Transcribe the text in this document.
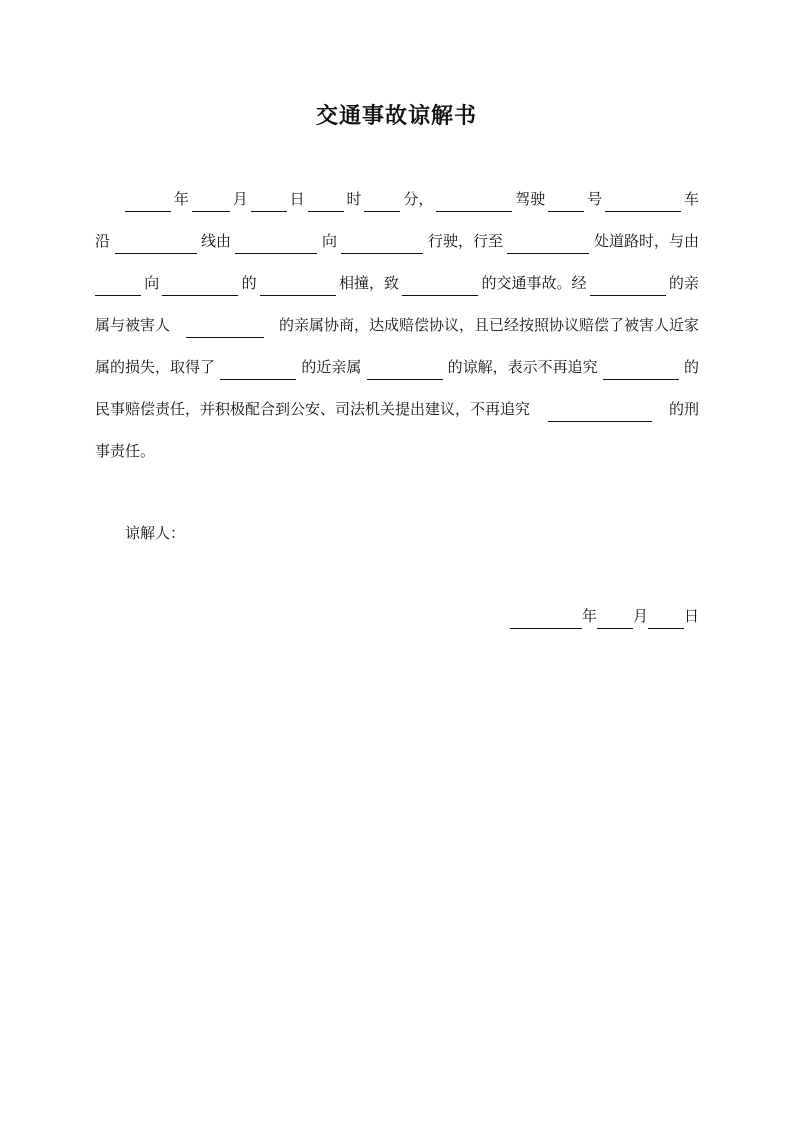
交通事故谅解书
年	月	日	时	分，	驾驶	号	车
沿	线由	向	行驶，行至	处道路时，与由
向	的	相撞，致	的交通事故。经	的亲
属与被害人	的亲属协商，达成赔偿协议，且已经按照协议赔偿了被害人近家
属的损失，取得了	的近亲属	的谅解，表示不再追究	的
民事赔偿责任，并积极配合到公安、司法机关提出建议，不再追究	的刑
事责任。
谅解人：
年 月 日
